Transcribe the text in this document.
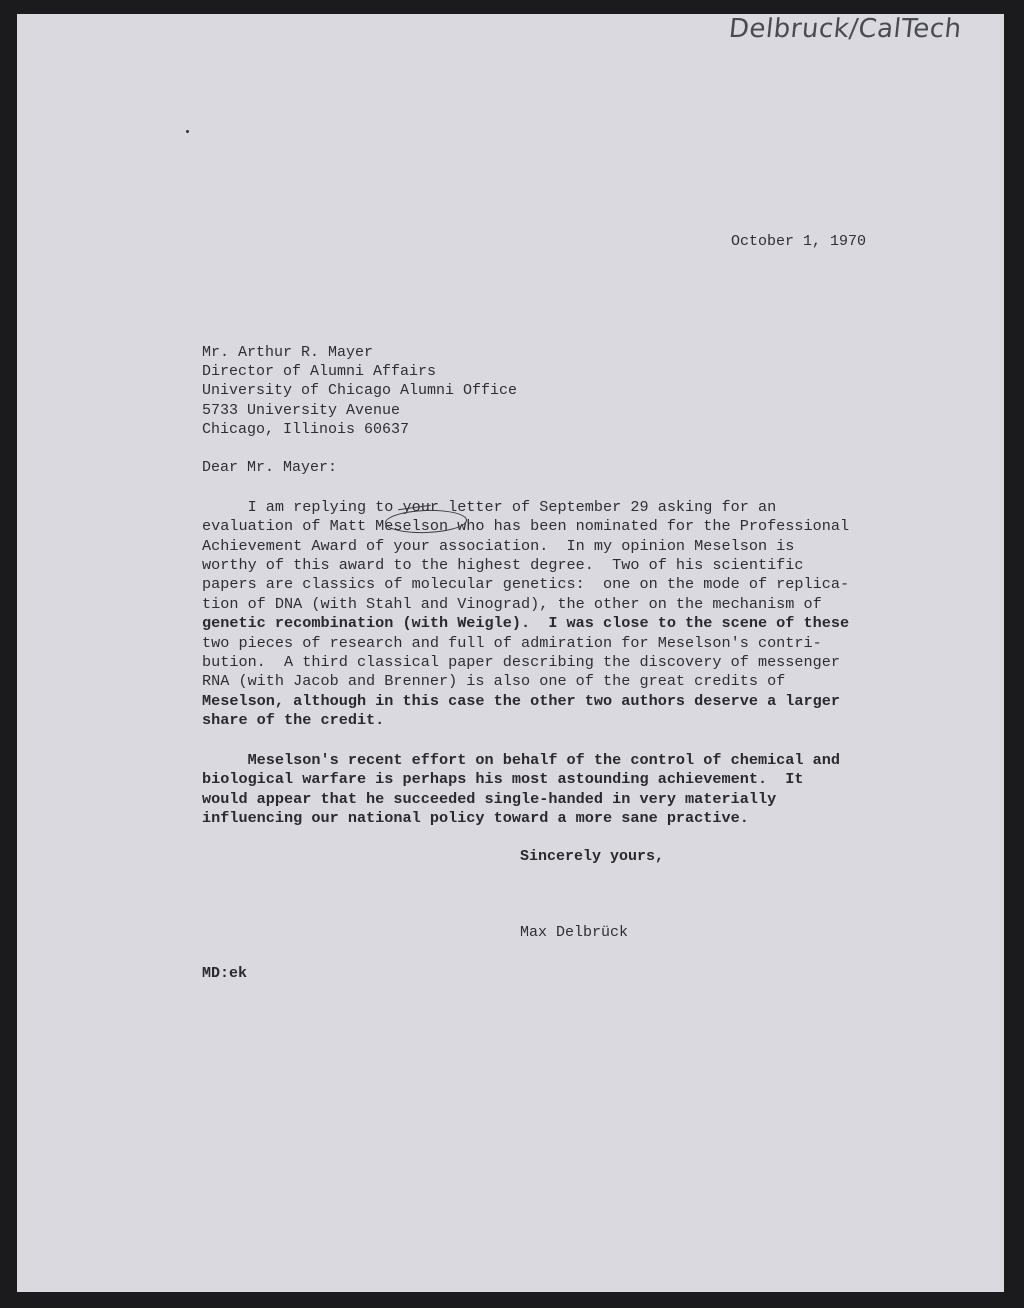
Delbruck/CalTech
October 1, 1970
Mr. Arthur R. Mayer
Director of Alumni Affairs
University of Chicago Alumni Office
5733 University Avenue
Chicago, Illinois 60637
Dear Mr. Mayer:
I am replying to your letter of September 29 asking for an
evaluation of Matt Meselson who has been nominated for the Professional
Achievement Award of your association.  In my opinion Meselson is
worthy of this award to the highest degree.  Two of his scientific
papers are classics of molecular genetics:  one on the mode of replica-
tion of DNA (with Stahl and Vinograd), the other on the mechanism of
genetic recombination (with Weigle).  I was close to the scene of these
two pieces of research and full of admiration for Meselson's contri-
bution.  A third classical paper describing the discovery of messenger
RNA (with Jacob and Brenner) is also one of the great credits of
Meselson, although in this case the other two authors deserve a larger
share of the credit.
Meselson's recent effort on behalf of the control of chemical and
biological warfare is perhaps his most astounding achievement.  It
would appear that he succeeded single-handed in very materially
influencing our national policy toward a more sane practive.
Sincerely yours,
Max Delbrück
MD:ek
